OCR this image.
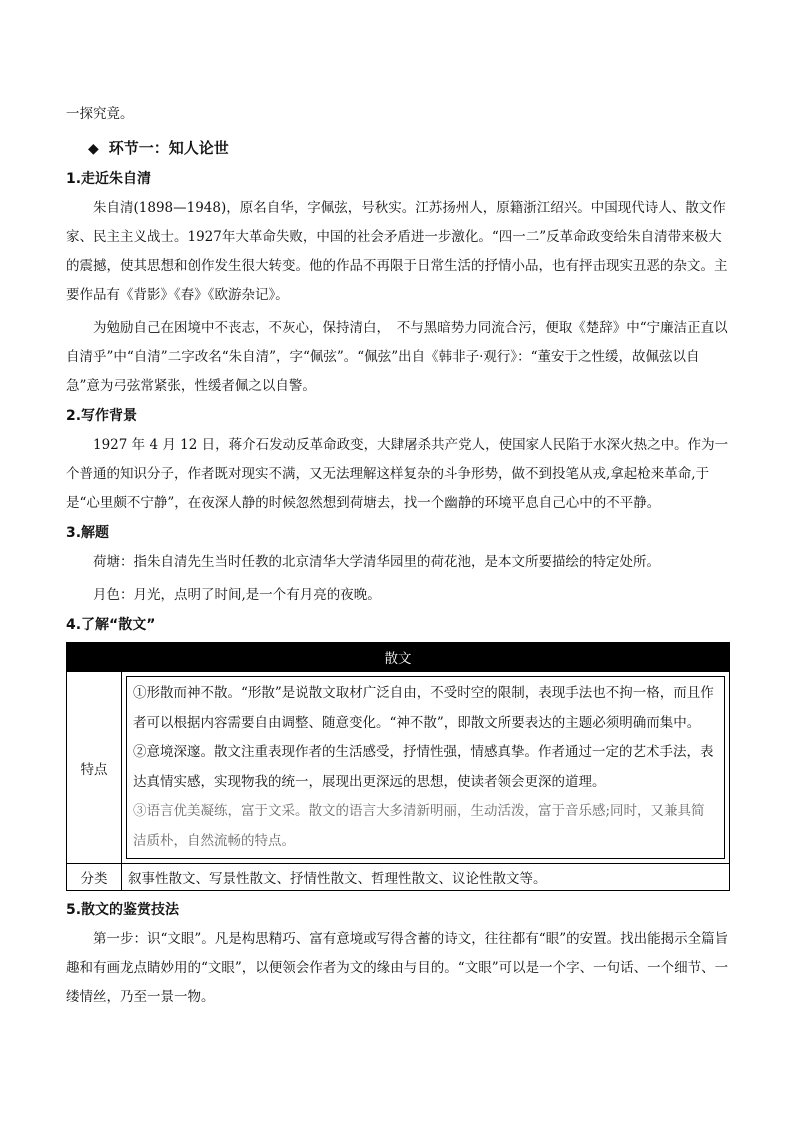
一探究竟。

◆ 环节一：知人论世
1.走近朱自清

朱自清(1898—1948)，原名自华，字佩弦，号秋实。江苏扬州人，原籍浙江绍兴。中国现代诗人、散文作家、民主主义战士。1927年大革命失败，中国的社会矛盾进一步激化。“四一二”反革命政变给朱自清带来极大的震撼，使其思想和创作发生很大转变。他的作品不再限于日常生活的抒情小品，也有抨击现实丑恶的杂文。主要作品有《背影》《春》《欧游杂记》。

为勉励自己在困境中不丧志，不灰心，保持清白，　不与黑暗势力同流合污，便取《楚辞》中“宁廉洁正直以自清乎”中“自清”二字改名“朱自清”，字“佩弦”。“佩弦”出自《韩非子·观行》：“董安于之性缓，故佩弦以自急”意为弓弦常紧张，性缓者佩之以自警。

2.写作背景

1927 年 4 月 12 日，蒋介石发动反革命政变，大肆屠杀共产党人，使国家人民陷于水深火热之中。作为一个普通的知识分子，作者既对现实不满，又无法理解这样复杂的斗争形势，做不到投笔从戎,拿起枪来革命,于是“心里颇不宁静”，在夜深人静的时候忽然想到荷塘去，找一个幽静的环境平息自己心中的不平静。

3.解题

荷塘：指朱自清先生当时任教的北京清华大学清华园里的荷花池，是本文所要描绘的特定处所。

月色：月光，点明了时间,是一个有月亮的夜晚。

4.了解“散文”
散文	
特点	①形散而神不散。“形散”是说散文取材广泛自由，不受时空的限制，表现手法也不拘一格，而且作者可以根据内容需要自由调整、随意变化。“神不散”，即散文所要表达的主题必须明确而集中。

②意境深邃。散文注重表现作者的生活感受，抒情性强，情感真挚。作者通过一定的艺术手法，表达真情实感，实现物我的统一，展现出更深远的思想，使读者领会更深的道理。

③语言优美凝练，富于文采。散文的语言大多清新明丽，生动活泼，富于音乐感;同时，又兼具简洁质朴，自然流畅的特点。

分类	叙事性散文、写景性散文、抒情性散文、哲理性散文、议论性散文等。
5.散文的鉴赏技法

第一步：识“文眼”。凡是构思精巧、富有意境或写得含蓄的诗文，往往都有“眼”的安置。找出能揭示全篇旨趣和有画龙点睛妙用的“文眼”，以便领会作者为文的缘由与目的。“文眼”可以是一个字、一句话、一个细节、一缕情丝，乃至一景一物。
